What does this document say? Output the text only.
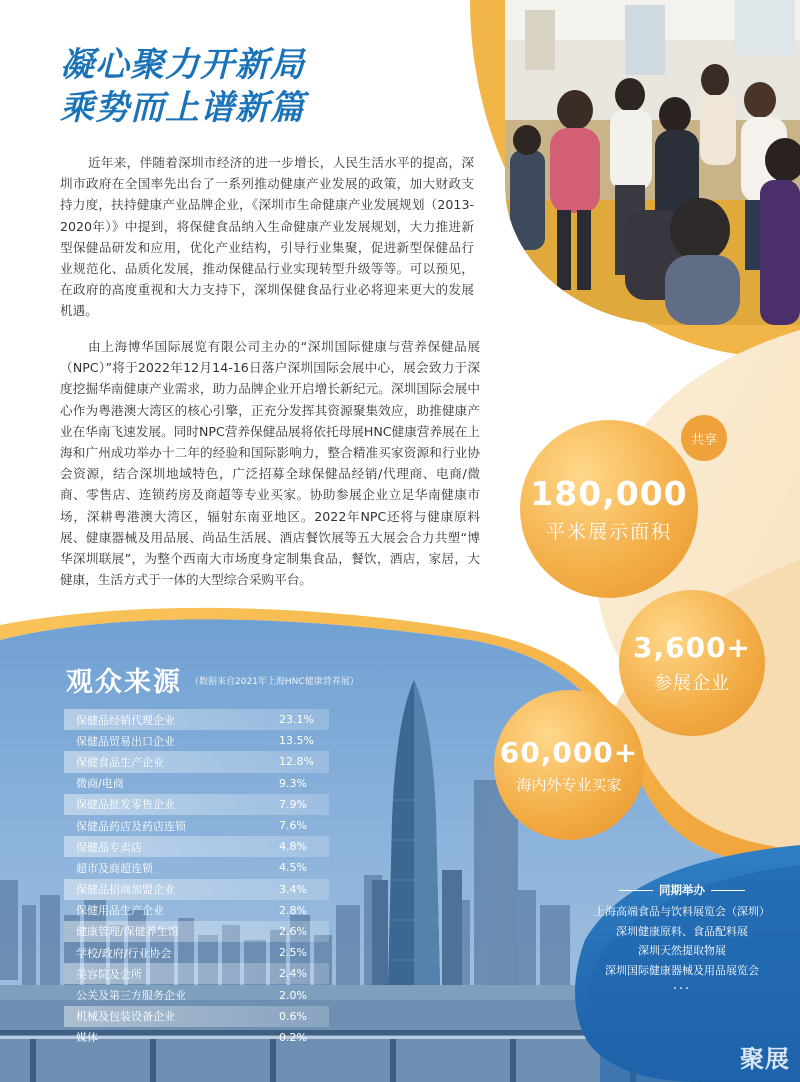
凝心聚力开新局
乘势而上谱新篇

近年来，伴随着深圳市经济的进一步增长，人民生活水平的提高，深圳市政府在全国率先出台了一系列推动健康产业发展的政策，加大财政支持力度，扶持健康产业品牌企业，《深圳市生命健康产业发展规划（2013-2020年）》中提到，将保健食品纳入生命健康产业发展规划，大力推进新型保健品研发和应用，优化产业结构，引导行业集聚，促进新型保健品行业规范化、品质化发展，推动保健品行业实现转型升级等等。可以预见，在政府的高度重视和大力支持下，深圳保健食品行业必将迎来更大的发展机遇。

由上海博华国际展览有限公司主办的“深圳国际健康与营养保健品展（NPC）”将于2022年12月14-16日落户深圳国际会展中心，展会致力于深度挖掘华南健康产业需求，助力品牌企业开启增长新纪元。深圳国际会展中心作为粤港澳大湾区的核心引擎，正充分发挥其资源聚集效应，助推健康产业在华南飞速发展。同时NPC营养保健品展将依托母展HNC健康营养展在上海和广州成功举办十二年的经验和国际影响力，整合精准买家资源和行业协会资源，结合深圳地域特色，广泛招募全球保健品经销/代理商、电商/微商、零售店、连锁药房及商超等专业买家。协助参展企业立足华南健康市场，深耕粤港澳大湾区，辐射东南亚地区。2022年NPC还将与健康原料展、健康器械及用品展、尚品生活展、酒店餐饮展等五大展会合力共塑“博华深圳联展”，为整个西南大市场度身定制集食品，餐饮，酒店，家居，大健康，生活方式于一体的大型综合采购平台。

共享
180,000
平米展示面积
3,600+
参展企业
60,000+
海内外专业买家
观众来源 （数据来自2021年上海HNC健康营养展）
保健品经销代理企业	23.1%
保健品贸易出口企业	13.5%
保健食品生产企业	12.8%
微商/电商	9.3%
保健品批发零售企业	7.9%
保健品药店及药店连锁	7.6%
保健品专卖店	4.8%
超市及商超连锁	4.5%
保健品招商加盟企业	3.4%
保健用品生产企业	2.8%
健康管理/保健养生馆	2.6%
学校/政府/行业协会	2.5%
美容院及会所	2.4%
公关及第三方服务企业	2.0%
机械及包装设备企业	0.6%
媒体	0.2%
同期举办
上海高端食品与饮料展览会（深圳）
深圳健康原料、食品配料展
深圳天然提取物展
深圳国际健康器械及用品展览会
···
聚展
